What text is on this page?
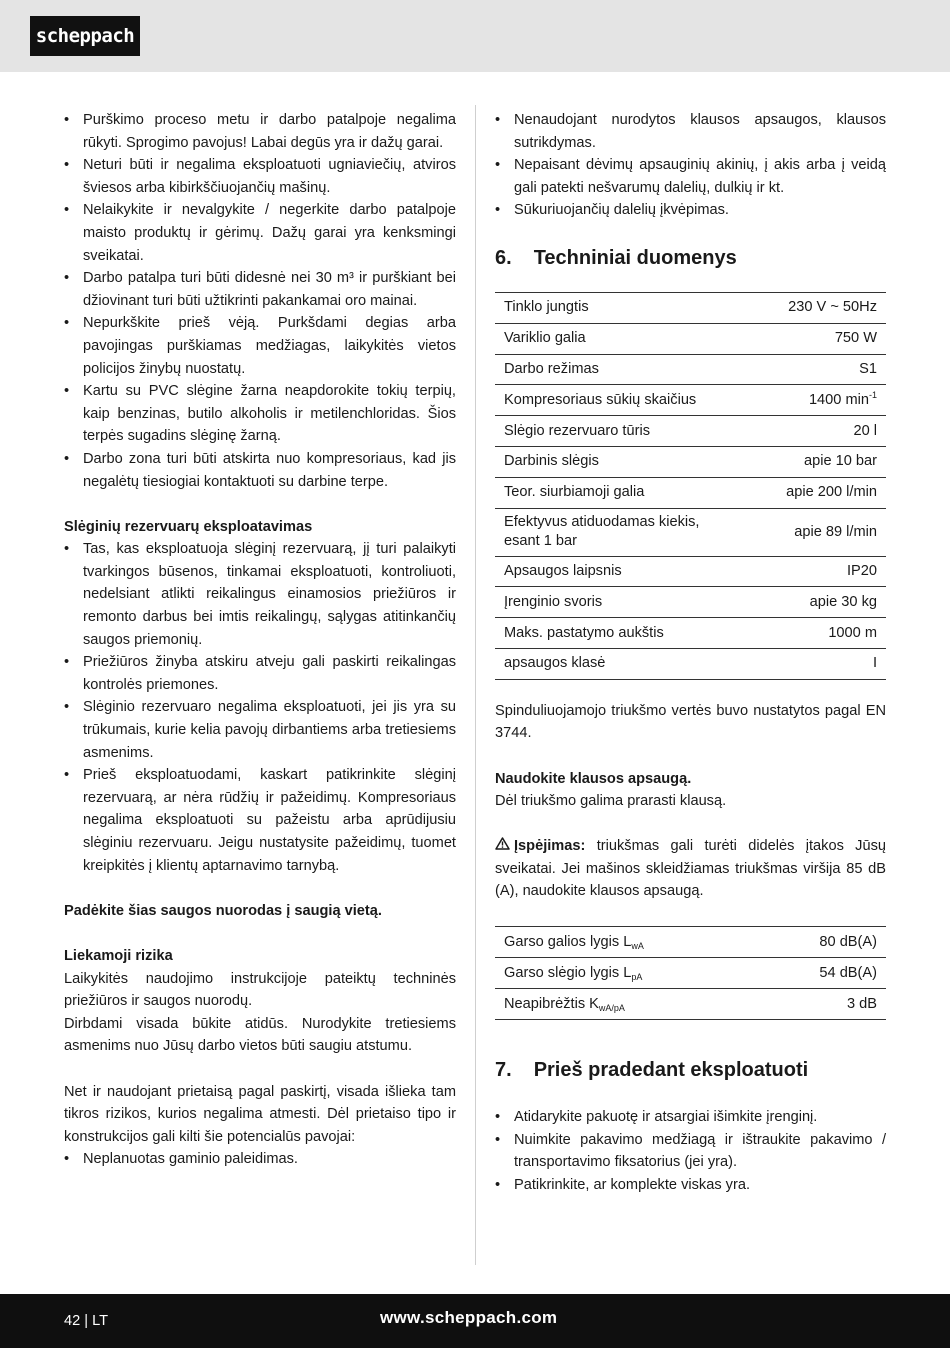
scheppach
• Purškimo proceso metu ir darbo patalpoje negalima rūkyti. Sprogimo pavojus! Labai degūs yra ir dažų garai.
• Neturi būti ir negalima eksploatuoti ugniaviečių, atviros šviesos arba kibirkščiuojančių mašinų.
• Nelaikykite ir nevalgykite / negerkite darbo patalpoje maisto produktų ir gėrimų. Dažų garai yra kenksmingi sveikatai.
• Darbo patalpa turi būti didesnė nei 30 m³ ir purškiant bei džiovinant turi būti užtikrinti pakankamai oro mainai.
• Nepurkškite prieš vėją. Purkšdami degias arba pavojingas purškiamas medžiagas, laikykitės vietos policijos žinybų nuostatų.
• Kartu su PVC slėgine žarna neapdorokite tokių terpių, kaip benzinas, butilo alkoholis ir metilenchloridas. Šios terpės sugadins slėginę žarną.
• Darbo zona turi būti atskirta nuo kompresoriaus, kad jis negalėtų tiesiogiai kontaktuoti su darbine terpe.

Slėginių rezervuarų eksploatavimas

• Tas, kas eksploatuoja slėginį rezervuarą, jį turi palaikyti tvarkingos būsenos, tinkamai eksploatuoti, kontroliuoti, nedelsiant atlikti reikalingus einamosios priežiūros ir remonto darbus bei imtis reikalingų, sąlygas atitinkančių saugos priemonių.
• Priežiūros žinyba atskiru atveju gali paskirti reikalingas kontrolės priemones.
• Slėginio rezervuaro negalima eksploatuoti, jei jis yra su trūkumais, kurie kelia pavojų dirbantiems arba tretiesiems asmenims.
• Prieš eksploatuodami, kaskart patikrinkite slėginį rezervuarą, ar nėra rūdžių ir pažeidimų. Kompresoriaus negalima eksploatuoti su pažeistu arba aprūdijusiu slėginiu rezervuaru. Jeigu nustatysite pažeidimų, tuomet kreipkitės į klientų aptarnavimo tarnybą.

Padėkite šias saugos nuorodas į saugią vietą.

Liekamoji rizika

Laikykitės naudojimo instrukcijoje pateiktų techninės priežiūros ir saugos nuorodų.

Dirbdami visada būkite atidūs. Nurodykite tretiesiems asmenims nuo Jūsų darbo vietos būti saugiu atstumu.

Net ir naudojant prietaisą pagal paskirtį, visada išlieka tam tikros rizikos, kurios negalima atmesti. Dėl prietaiso tipo ir konstrukcijos gali kilti šie potencialūs pavojai:

• Neplanuotas gaminio paleidimas.
• Nenaudojant nurodytos klausos apsaugos, klausos sutrikdymas.
• Nepaisant dėvimų apsauginių akinių, į akis arba į veidą gali patekti nešvarumų dalelių, dulkių ir kt.
• Sūkuriuojančių dalelių įkvėpimas.
6. Techniniai duomenys
Tinklo jungtis	230 V ~ 50Hz
Variklio galia	750 W
Darbo režimas	S1
Kompresoriaus sūkių skaičius	1400 $\min^{-1}$
Slėgio rezervuaro tūris	20 l
Darbinis slėgis	apie 10 bar
Teor. siurbiamoji galia	apie 200 l/min
Efektyvus atiduodamas kiekis, esant 1 bar	apie 89 l/min
Apsaugos laipsnis	IP20
Įrenginio svoris	apie 30 kg
Maks. pastatymo aukštis	1000 m
apsaugos klasė	I

Spinduliuojamojo triukšmo vertės buvo nustatytos pagal EN 3744.

Naudokite klausos apsaugą.

Dėl triukšmo galima prarasti klausą.

Įspėjimas: triukšmas gali turėti didelės įtakos Jūsų sveikatai. Jei mašinos skleidžiamas triukšmas viršija 85 dB (A), naudokite klausos apsaugą.

Garso galios lygis $L_{wA}$	80 dB(A)
Garso slėgio lygis $L_{pA}$	54 dB(A)
Neapibrėžtis $K_{wA/pA}$	3 dB
7. Prieš pradedant eksploatuoti
• Atidarykite pakuotę ir atsargiai išimkite įrenginį.
• Nuimkite pakavimo medžiagą ir ištraukite pakavimo / transportavimo fiksatorius (jei yra).
• Patikrinkite, ar komplekte viskas yra.
42 | LT	www.scheppach.com
